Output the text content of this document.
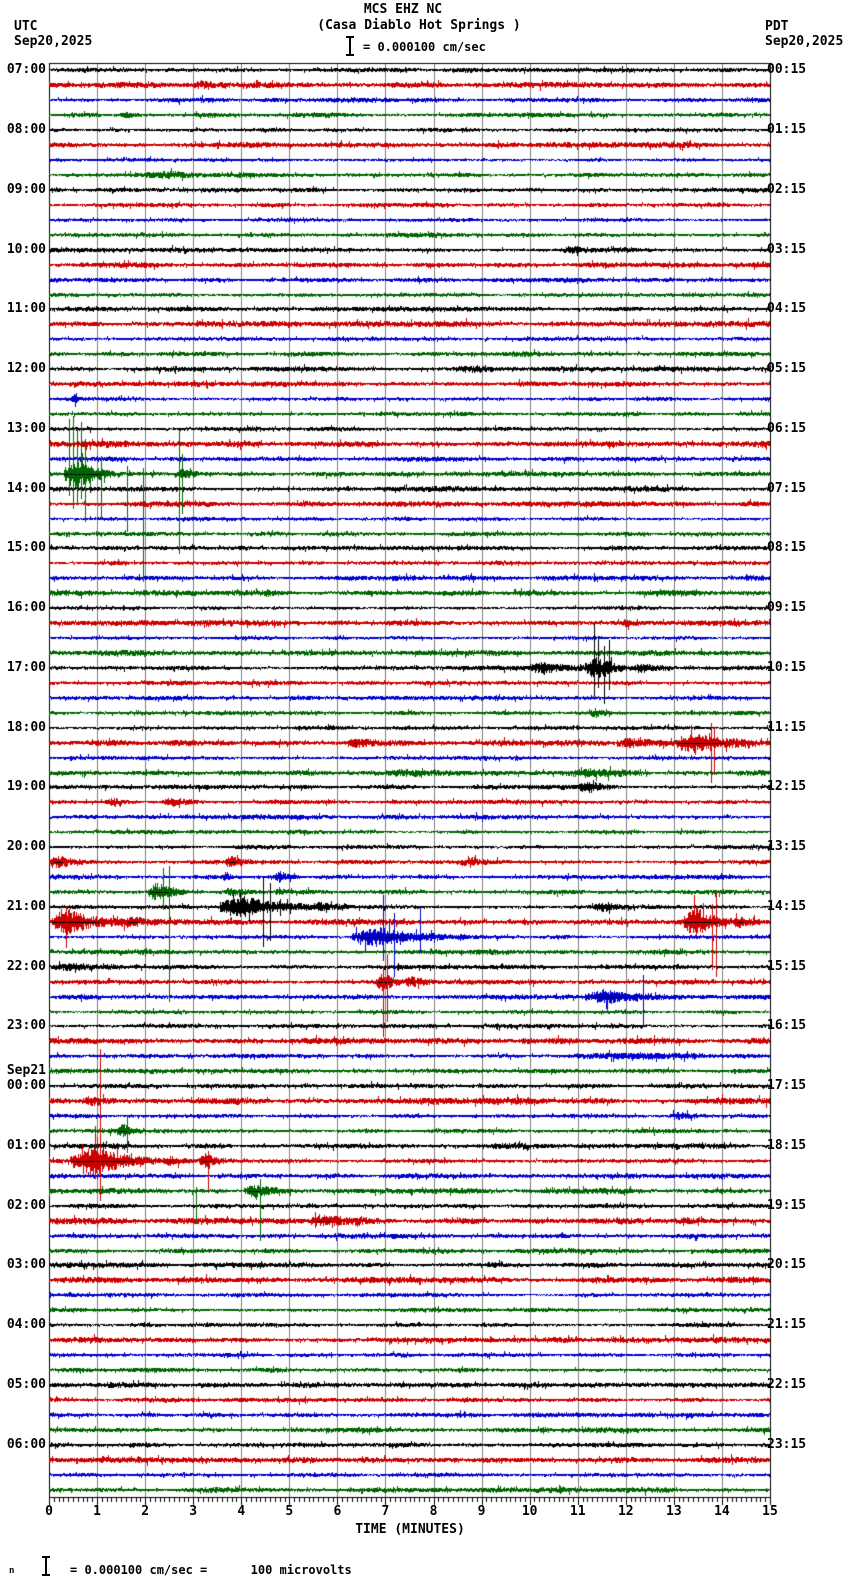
MCS EHZ NC
(Casa Diablo Hot Springs )
UTC
Sep20,2025
PDT
Sep20,2025
= 0.000100 cm/sec
07:00
08:00
09:00
10:00
11:00
12:00
13:00
14:00
15:00
16:00
17:00
18:00
19:00
20:00
21:00
22:00
23:00
00:00
01:00
02:00
03:00
04:00
05:00
06:00
00:15
01:15
02:15
03:15
04:15
05:15
06:15
07:15
08:15
09:15
10:15
11:15
12:15
13:15
14:15
15:15
16:15
17:15
18:15
19:15
20:15
21:15
22:15
23:15
Sep21
0	1	2	3	4	5	6	7	8	9	10	11	12	13	14	15
TIME (MINUTES)
n	= 0.000100 cm/sec =      100 microvolts
